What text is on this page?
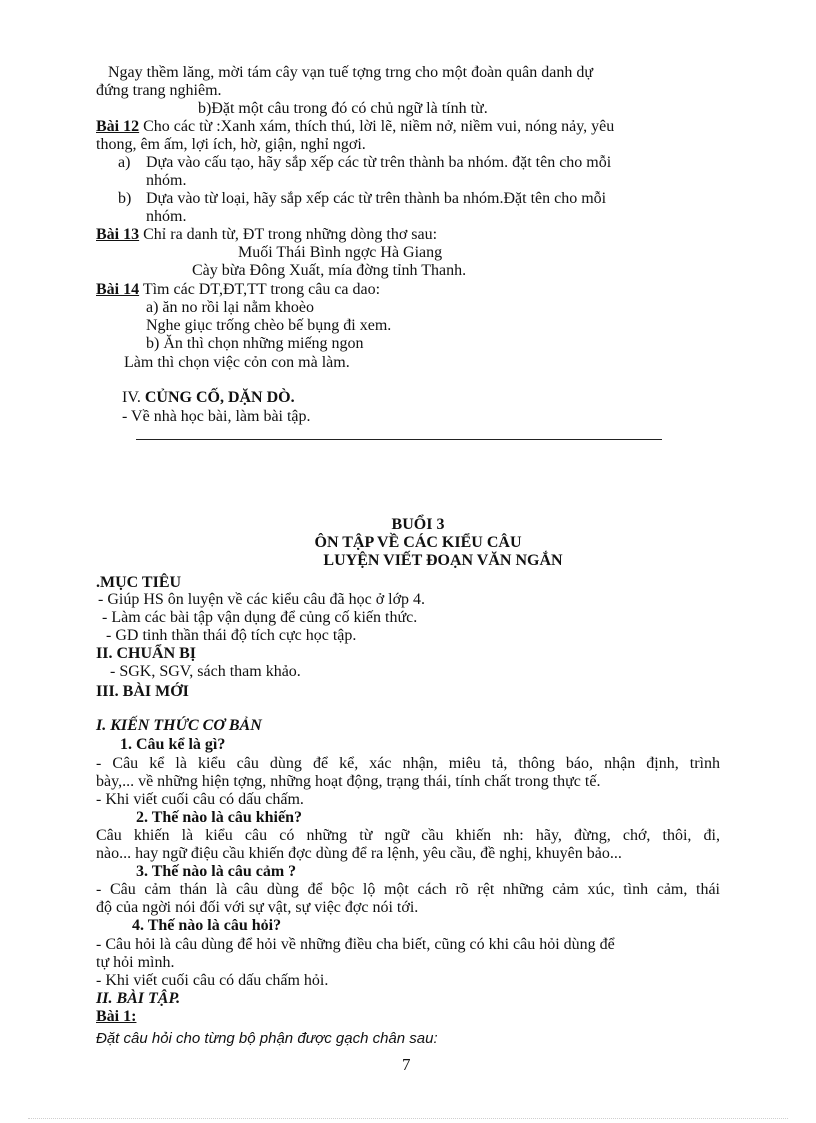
Ngay thềm lăng, mời tám cây vạn tuế tợng trng cho một đoàn quân danh dự
đứng trang nghiêm.
b)Đặt một câu trong đó có chủ ngữ là tính từ.
Bài 12 Cho các từ :Xanh xám, thích thú, lời lẽ, niềm nở, niềm vui, nóng nảy, yêu
thong, êm ấm, lợi ích, hờ, giận, nghỉ ngơi.
a) Dựa vào cấu tạo, hãy sắp xếp các từ trên thành ba nhóm. đặt tên cho mỗi
nhóm.
b) Dựa vào từ loại, hãy sắp xếp các từ trên thành ba nhóm.Đặt tên cho mỗi
nhóm.
Bài 13 Chỉ ra danh từ, ĐT trong những dòng thơ sau:
Muối Thái Bình ngợc Hà Giang
Cày bừa Đông Xuất, mía đờng tỉnh Thanh.
Bài 14 Tìm các DT,ĐT,TT trong câu ca dao:
a) ăn no rồi lại nằm khoèo
Nghe giục trống chèo bế bụng đi xem.
b) Ăn thì chọn những miếng ngon
Làm thì chọn việc cỏn con mà làm.
IV. CỦNG CỐ, DẶN DÒ.
- Về nhà học bài, làm bài tập.
BUỔI 3
ÔN TẬP VỀ CÁC KIỂU CÂU
LUYỆN VIẾT ĐOẠN VĂN NGẮN
.MỤC TIÊU
- Giúp HS ôn luyện về các kiểu câu đã học ở lớp 4.
- Làm các bài tập vận dụng để củng cố kiến thức.
- GD tinh thần thái độ tích cực học tập.
II. CHUẨN BỊ
- SGK, SGV, sách tham khảo.
III. BÀI MỚI
I. KIẾN THỨC CƠ BẢN
1. Câu kể là gì?
- Câu kể là kiểu câu dùng để kể, xác nhận, miêu tả, thông báo, nhận định, trình
bày,... về những hiện tợng, những hoạt động, trạng thái, tính chất trong thực tế.
- Khi viết cuối câu có dấu chấm.
2. Thế nào là câu khiến?
Câu khiến là kiểu câu có những từ ngữ cầu khiến nh: hãy, đừng, chớ, thôi, đi,
nào... hay ngữ điệu cầu khiến đợc dùng để ra lệnh, yêu cầu, đề nghị, khuyên bảo...
3. Thế nào là câu cảm ?
- Câu cảm thán là câu dùng để bộc lộ một cách rõ rệt những cảm xúc, tình cảm, thái
độ của ngời nói đối với sự vật, sự việc đợc nói tới.
4. Thế nào là câu hỏi?
- Câu hỏi là câu dùng để hỏi về những điều cha biết, cũng có khi câu hỏi dùng để
tự hỏi mình.
- Khi viết cuối câu có dấu chấm hỏi.
II. BÀI TẬP.
Bài 1:
Đặt câu hỏi cho từng bộ phận được gạch chân sau:
7
